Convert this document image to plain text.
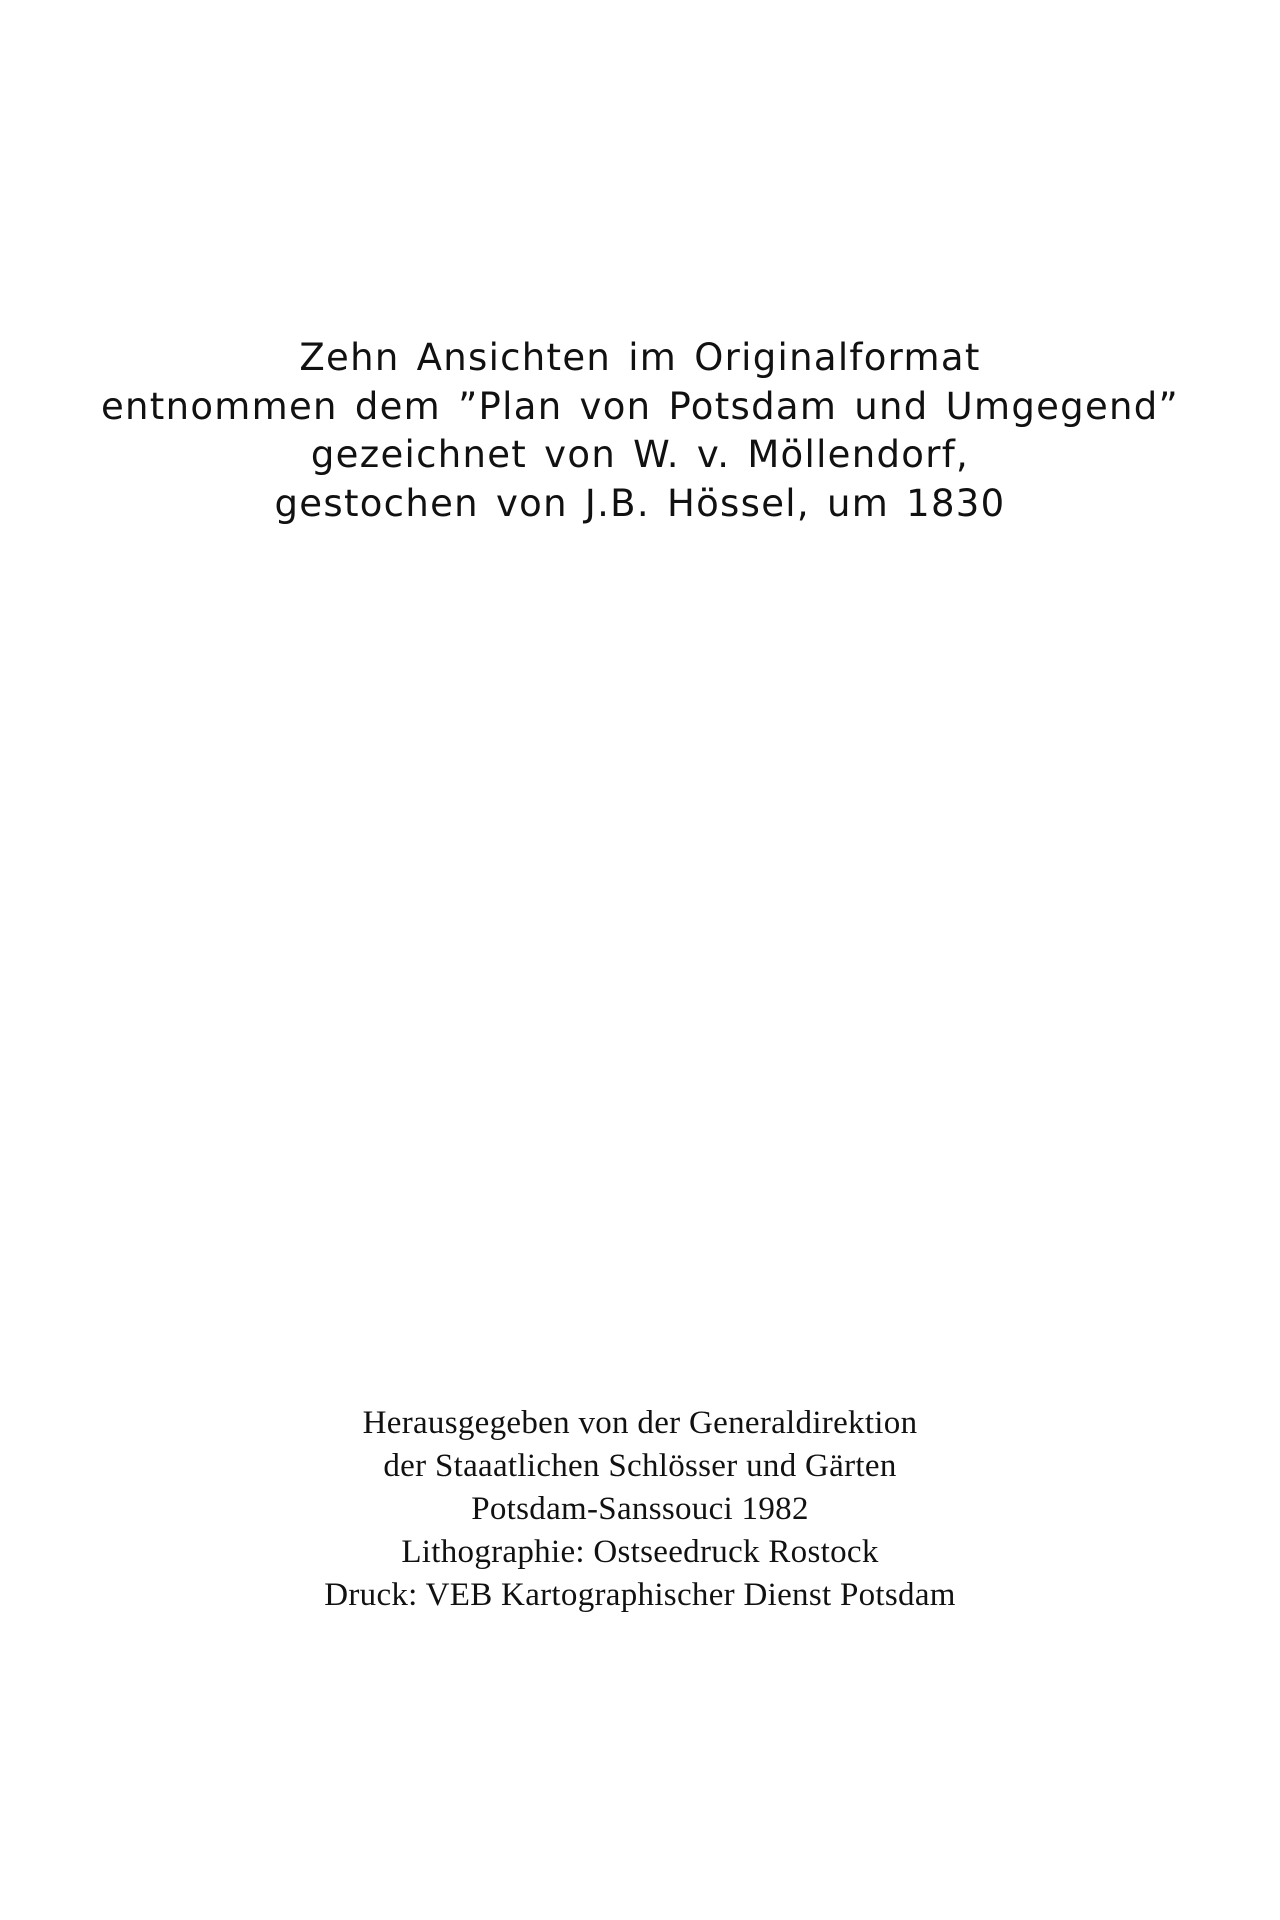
Zehn Ansichten im Originalformat
entnommen dem ”Plan von Potsdam und Umgegend”
gezeichnet von W. v. Möllendorf,
gestochen von J.B. Hössel, um 1830
Herausgegeben von der Generaldirektion
der Staaatlichen Schlösser und Gärten
Potsdam-Sanssouci 1982
Lithographie: Ostseedruck Rostock
Druck: VEB Kartographischer Dienst Potsdam
